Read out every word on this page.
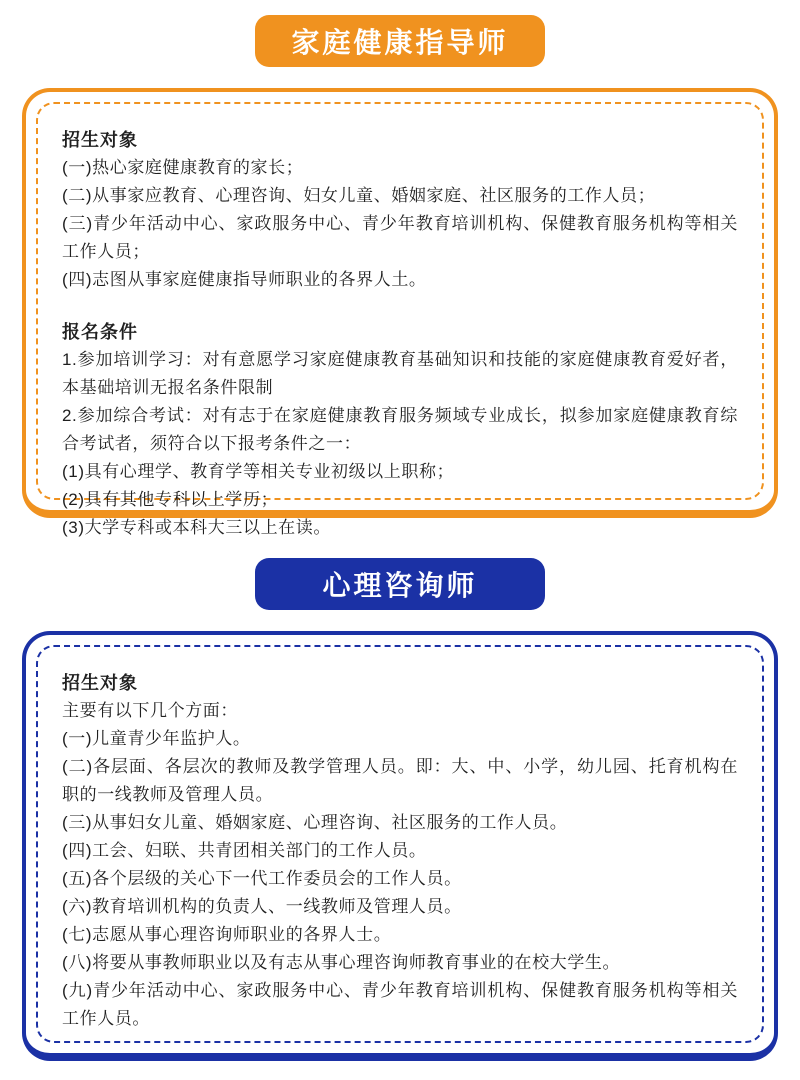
家庭健康指导师
招生对象

(一)热心家庭健康教育的家长；

(二)从事家应教育、心理咨询、妇女儿童、婚姻家庭、社区服务的工作人员；

(三)青少年活动中心、家政服务中心、青少年教育培训机构、保健教育服务机构等相关工作人员；

(四)志图从事家庭健康指导师职业的各界人土。

报名条件

1.参加培训学习：对有意愿学习家庭健康教育基础知识和技能的家庭健康教育爱好者，本基础培训无报名条件限制

2.参加综合考试：对有志于在家庭健康教育服务频域专业成长，拟参加家庭健康教育综合考试者，须符合以下报考条件之一：

(1)具有心理学、教育学等相关专业初级以上职称；

(2)具有其他专科以上学历；

(3)大学专科或本科大三以上在读。

心理咨询师
招生对象

主要有以下几个方面：

(一)儿童青少年监护人。

(二)各层面、各层次的教师及教学管理人员。即：大、中、小学，幼儿园、托育机构在职的一线教师及管理人员。

(三)从事妇女儿童、婚姻家庭、心理咨询、社区服务的工作人员。

(四)工会、妇联、共青团相关部门的工作人员。

(五)各个层级的关心下一代工作委员会的工作人员。

(六)教育培训机构的负责人、一线教师及管理人员。

(七)志愿从事心理咨询师职业的各界人士。

(八)将要从事教师职业以及有志从事心理咨询师教育事业的在校大学生。

(九)青少年活动中心、家政服务中心、青少年教育培训机构、保健教育服务机构等相关工作人员。
